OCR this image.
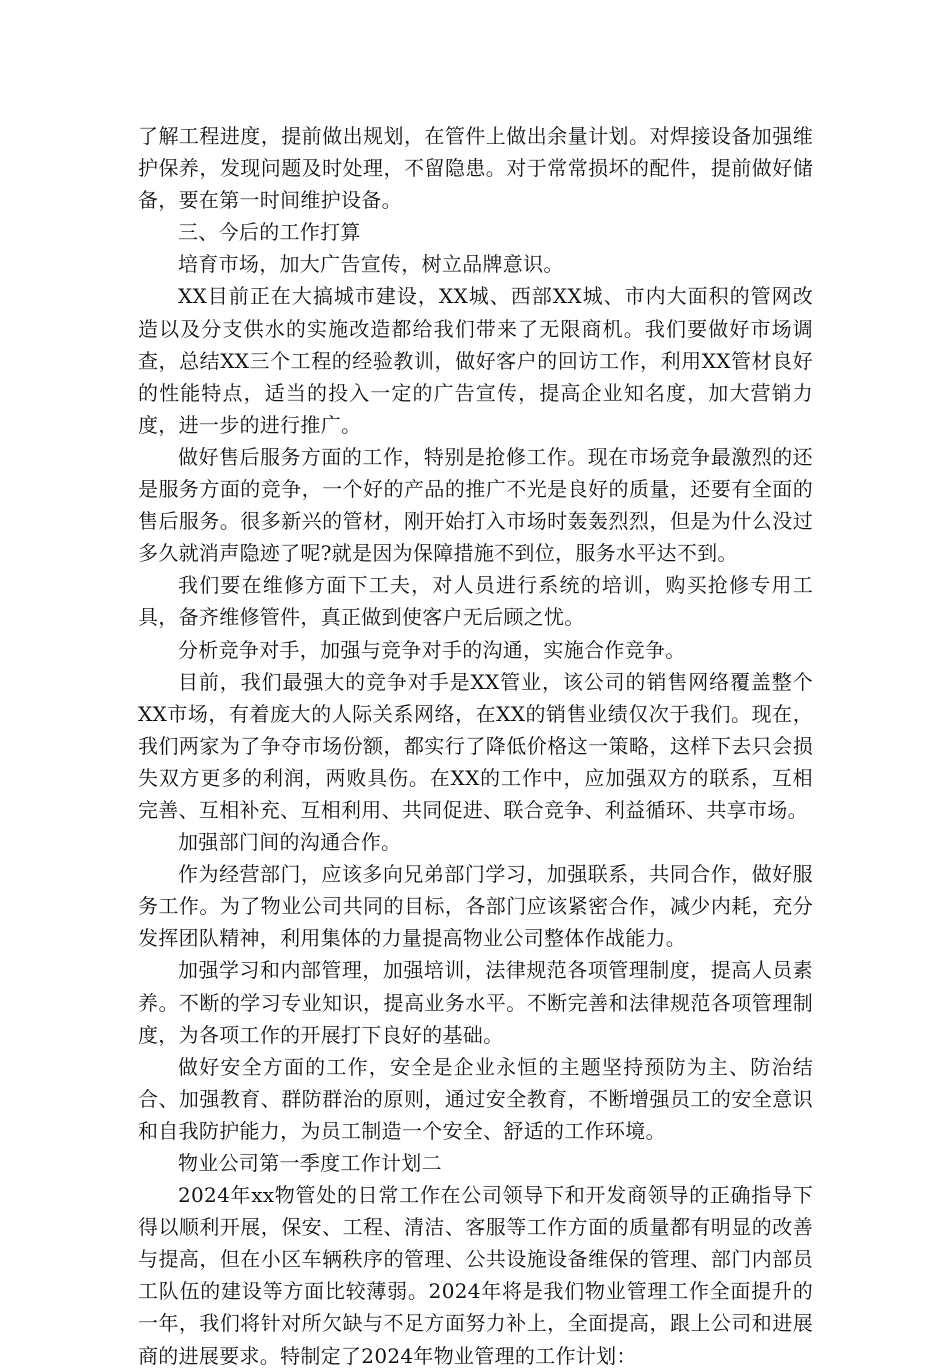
了解工程进度，提前做出规划，在管件上做出余量计划。对焊接设备加强维护保养，发现问题及时处理，不留隐患。对于常常损坏的配件，提前做好储备，要在第一时间维护设备。

三、今后的工作打算

培育市场，加大广告宣传，树立品牌意识。

XX目前正在大搞城市建设，XX城、西部XX城、市内大面积的管网改造以及分支供水的实施改造都给我们带来了无限商机。我们要做好市场调查，总结XX三个工程的经验教训，做好客户的回访工作，利用XX管材良好的性能特点，适当的投入一定的广告宣传，提高企业知名度，加大营销力度，进一步的进行推广。

做好售后服务方面的工作，特别是抢修工作。现在市场竞争最激烈的还是服务方面的竞争，一个好的产品的推广不光是良好的质量，还要有全面的售后服务。很多新兴的管材，刚开始打入市场时轰轰烈烈，但是为什么没过多久就消声隐迹了呢?就是因为保障措施不到位，服务水平达不到。

我们要在维修方面下工夫，对人员进行系统的培训，购买抢修专用工具，备齐维修管件，真正做到使客户无后顾之忧。

分析竞争对手，加强与竞争对手的沟通，实施合作竞争。

目前，我们最强大的竞争对手是XX管业，该公司的销售网络覆盖整个XX市场，有着庞大的人际关系网络，在XX的销售业绩仅次于我们。现在，我们两家为了争夺市场份额，都实行了降低价格这一策略，这样下去只会损失双方更多的利润，两败具伤。在XX的工作中，应加强双方的联系，互相完善、互相补充、互相利用、共同促进、联合竞争、利益循环、共享市场。

加强部门间的沟通合作。

作为经营部门，应该多向兄弟部门学习，加强联系，共同合作，做好服务工作。为了物业公司共同的目标，各部门应该紧密合作，减少内耗，充分发挥团队精神，利用集体的力量提高物业公司整体作战能力。

加强学习和内部管理，加强培训，法律规范各项管理制度，提高人员素养。不断的学习专业知识，提高业务水平。不断完善和法律规范各项管理制度，为各项工作的开展打下良好的基础。

做好安全方面的工作，安全是企业永恒的主题坚持预防为主、防治结合、加强教育、群防群治的原则，通过安全教育，不断增强员工的安全意识和自我防护能力，为员工制造一个安全、舒适的工作环境。

物业公司第一季度工作计划二

2024年xx物管处的日常工作在公司领导下和开发商领导的正确指导下得以顺利开展，保安、工程、清洁、客服等工作方面的质量都有明显的改善与提高，但在小区车辆秩序的管理、公共设施设备维保的管理、部门内部员工队伍的建设等方面比较薄弱。2024年将是我们物业管理工作全面提升的一年，我们将针对所欠缺与不足方面努力补上，全面提高，跟上公司和进展商的进展要求。特制定了2024年物业管理的工作计划：
